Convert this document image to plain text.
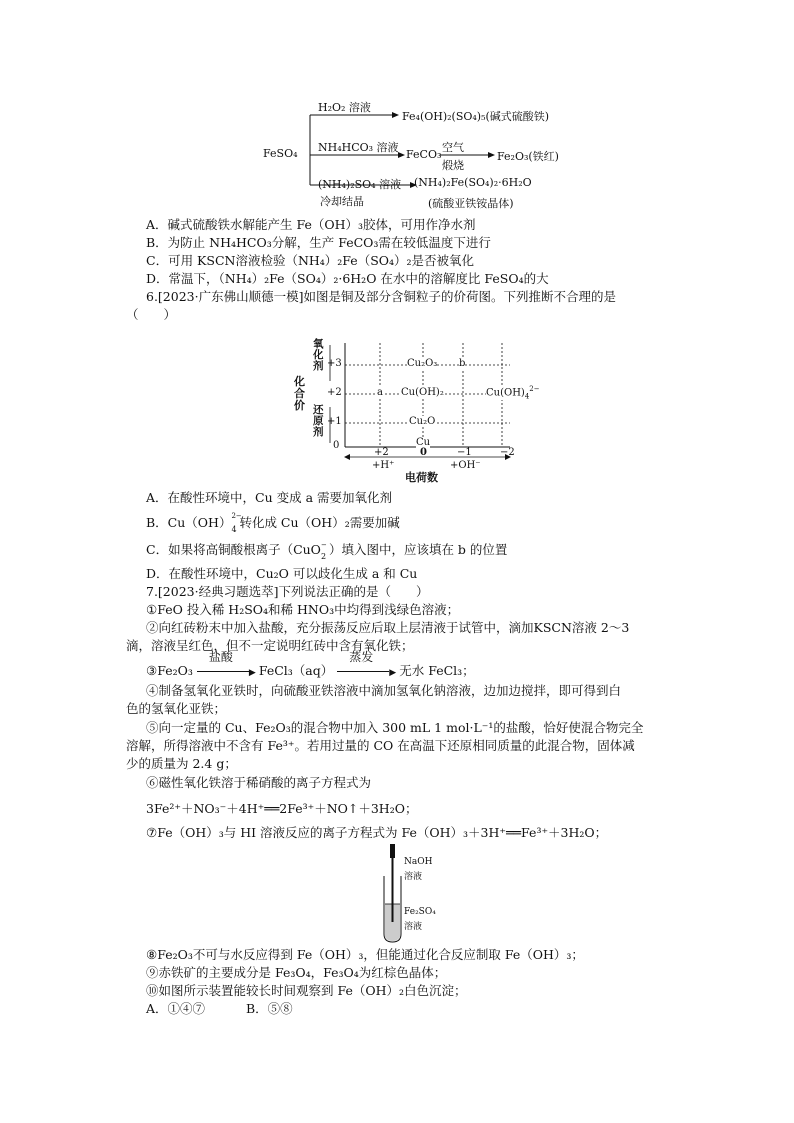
FeSO₄
H₂O₂ 溶液
Fe₄(OH)₂(SO₄)₅(碱式硫酸铁)
NH₄HCO₃ 溶液
FeCO₃
空气
煅烧
Fe₂O₃(铁红)
(NH₄)₂SO₄ 溶液
冷却结晶
(NH₄)₂Fe(SO₄)₂·6H₂O
(硫酸亚铁铵晶体)
A．碱式硫酸铁水解能产生 Fe（OH）₃胶体，可用作净水剂
B．为防止 NH₄HCO₃分解，生产 FeCO₃需在较低温度下进行
C．可用 KSCN溶液检验（NH₄）₂Fe（SO₄）₂是否被氧化
D．常温下，（NH₄）₂Fe（SO₄）₂·6H₂O 在水中的溶解度比 FeSO₄的大
6.[2023·广东佛山顺德一模]如图是铜及部分含铜粒子的价荷图。下列推断不合理的是
（　　）
化合价
氧化剂
还原剂
+3
+2
+1
0
Cu₂O₃ b
a Cu(OH)₂	$Cu(OH)_4^{2-}$
Cu₂O
Cu
+2	0	−1	−2
+H⁺	+OH⁻
电荷数
A．在酸性环境中，Cu 变成 a 需要加氧化剂
B．Cu（OH） 2−
4 转化成 Cu（OH）₂需要加碱
C．如果将高铜酸根离子（CuO −
2 ）填入图中，应该填在 b 的位置
D．在酸性环境中，Cu₂O 可以歧化生成 a 和 Cu
7.[2023·经典习题选萃]下列说法正确的是（　　）
①FeO 投入稀 H₂SO₄和稀 HNO₃中均得到浅绿色溶液；
②向红砖粉末中加入盐酸，充分振荡反应后取上层清液于试管中，滴加KSCN溶液 2～3
滴，溶液呈红色，但不一定说明红砖中含有氧化铁；
③Fe₂O₃
盐酸
▶ FeCl₃（aq）
蒸发
▶ 无水 FeCl₃；
④制备氢氧化亚铁时，向硫酸亚铁溶液中滴加氢氧化钠溶液，边加边搅拌，即可得到白
色的氢氧化亚铁；
⑤向一定量的 Cu、Fe₂O₃的混合物中加入 300 mL 1 mol·L⁻¹的盐酸，恰好使混合物完全
溶解，所得溶液中不含有 Fe³⁺。若用过量的 CO 在高温下还原相同质量的此混合物，固体减
少的质量为 2.4 g；
⑥磁性氧化铁溶于稀硝酸的离子方程式为
3Fe²⁺＋NO₃⁻＋4H⁺══2Fe³⁺＋NO↑＋3H₂O；
⑦Fe（OH）₃与 HI 溶液反应的离子方程式为 Fe（OH）₃＋3H⁺══Fe³⁺＋3H₂O；
NaOH
溶液
Fe₂SO₄
溶液
⑧Fe₂O₃不可与水反应得到 Fe（OH）₃，但能通过化合反应制取 Fe（OH）₃；
⑨赤铁矿的主要成分是 Fe₃O₄，Fe₃O₄为红棕色晶体；
⑩如图所示装置能较长时间观察到 Fe（OH）₂白色沉淀；
A．①④⑦	B．⑤⑧
